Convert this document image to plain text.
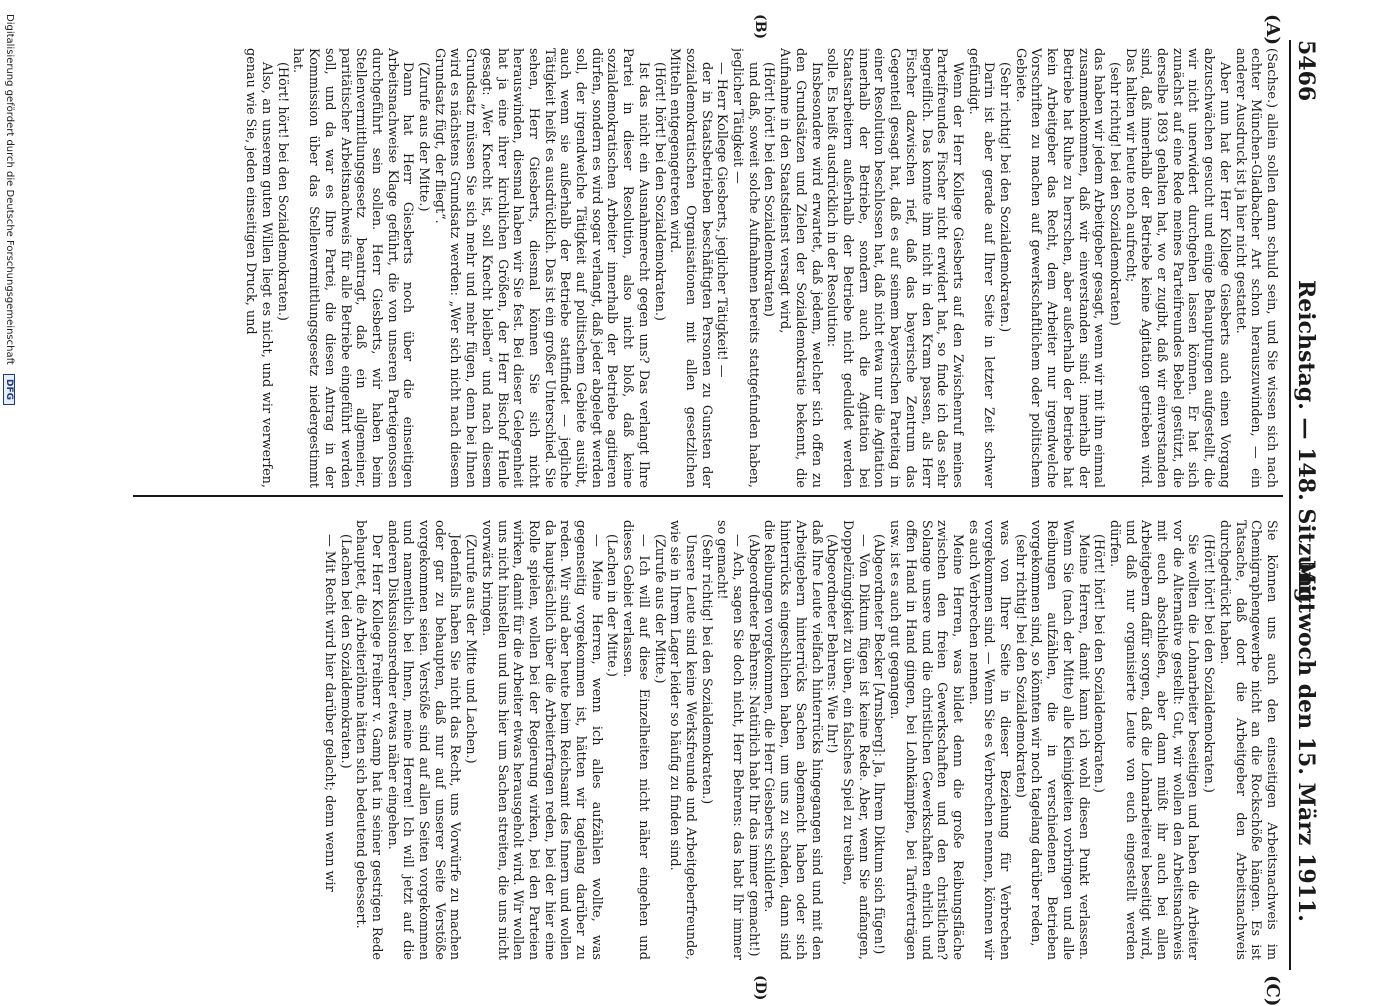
5466
Reichstag. — 148. Sitzung.
Mittwoch den 15. März 1911.
(A)
(B)
(C)
(D)

(Sachse.) allein sollen dann schuld sein, und Sie wissen sich nach echter München-Gladbacher Art schon herauszuwinden, — ein anderer Ausdruck ist ja hier nicht gestattet.

Aber nun hat der Herr Kollege Giesberts auch einen Vorgang abzuschwächen gesucht und einige Behauptungen aufgestellt, die wir nicht unerwidert durchgehen lassen können. Er hat sich zunächst auf eine Rede meines Parteifreundes Bebel gestützt, die derselbe 1893 gehalten hat, wo er zugibt, daß wir einverstanden sind, daß innerhalb der Betriebe keine Agitation getrieben wird. Das halten wir heute noch aufrecht;

(sehr richtig! bei den Sozialdemokraten)

das haben wir jedem Arbeitgeber gesagt, wenn wir mit ihm einmal zusammenkommen, daß wir einverstanden sind: innerhalb der Betriebe hat Ruhe zu herrschen, aber außerhalb der Betriebe hat kein Arbeitgeber das Recht, dem Arbeiter nur irgendwelche Vorschriften zu machen auf gewerkschaftlichem oder politischem Gebiete.

(Sehr richtig! bei den Sozialdemokraten.)

Darin ist aber gerade auf Ihrer Seite in letzter Zeit schwer gefündigt.

Wenn der Herr Kollege Giesberts auf den Zwischenruf meines Parteifreundes Fischer nicht erwidert hat, so finde ich das sehr begreiflich. Das konnte ihm nicht in den Kram passen, als Herr Fischer dazwischen rief, daß das bayerische Zentrum das Gegenteil gesagt hat, daß es auf seinem bayerischen Parteitag in einer Resolution beschlossen hat, daß nicht etwa nur die Agitation innerhalb der Betriebe, sondern auch die Agitation bei Staatsarbeitern außerhalb der Betriebe nicht geduldet werden solle. Es heißt ausdrücklich in der Resolution:

Insbesondere wird erwartet, daß jedem, welcher sich offen zu den Grundsätzen und Zielen der Sozialdemokratie bekennt, die Aufnahme in den Staatsdienst versagt wird,

(Hört! hört! bei den Sozialdemokraten)

und daß, soweit solche Aufnahmen bereits stattgefunden haben, jeglicher Tätigkeit —

— Herr Kollege Giesberts, jeglicher Tätigkeit! —

der in Staatsbetrieben beschäftigten Personen zu Gunsten der sozialdemokratischen Organisationen mit allen gesetzlichen Mitteln entgegengetreten wird.

(Hört! hört! bei den Sozialdemokraten.)

Ist das nicht ein Ausnahmerecht gegen uns? Das verlangt Ihre Partei in dieser Resolution, also nicht bloß, daß keine sozialdemokratischen Arbeiter innerhalb der Betriebe agitieren dürfen, sondern es wird sogar verlangt, daß jeder abgelegt werden soll, der irgendwelche Tätigkeit auf politischem Gebiete ausübt, auch wenn sie außerhalb der Betriebe stattfindet — jegliche Tätigkeit heißt es ausdrücklich. Das ist ein großer Unterschied. Sie sehen, Herr Giesberts, diesmal können Sie sich nicht herauswinden, diesmal haben wir Sie fest. Bei dieser Gelegenheit hat ja eine ihrer kirchlichen Größen, der Herr Bischof Henle gesagt: „Wer Knecht ist, soll Knecht bleiben“ und nach diesem Grundsatz müssen Sie sich mehr und mehr fügen, denn bei Ihnen wird es nächstens Grundsatz werden: „Wer sich nicht nach diesem Grundsatz fügt, der fliegt“.

(Zurufe aus der Mitte.)

Dann hat Herr Giesberts noch über die einseitigen Arbeitsnachweise Klage geführt, die von unseren Parteigenossen durchgeführt sein sollen. Herr Giesberts, wir haben beim Stellenvermittlungsgesetz beantragt, daß ein allgemeiner, paritätischer Arbeitsnachweis für alle Betriebe eingeführt werden soll, und da war es Ihre Partei, die diesen Antrag in der Kommission über das Stellenvermittlungsgesetz niedergestimmt hat.

(Hört! hört! bei den Sozialdemokraten.)

Also, an unserem guten Willen liegt es nicht, und wir verwerfen, genau wie Sie, jeden einseitigen Druck, und

Sie können uns auch den einseitigen Arbeitsnachweis im Chemigraphengewerbe nicht an die Rockschöße hängen. Es ist Tatsache, daß dort die Arbeitgeber den Arbeitsnachweis durchgedrückt haben.

(Hört! hört! bei den Sozialdemokraten.)

Sie wollten die Lohnarbeiter beseitigen und haben die Arbeiter vor die Alternative gestellt: Gut, wir wollen den Arbeitsnachweis mit euch abschließen, aber dann müßt ihr auch bei allen Arbeitgebern dafür sorgen, daß die Lohnarbeiterei beseitigt wird, und daß nur organisierte Leute von euch eingestellt werden dürfen.

(Hört! hört! bei den Sozialdemokraten.)

Meine Herren, damit kann ich wohl diesen Punkt verlassen. Wenn Sie (nach der Mitte) alle Kleinigkeiten vorbringen und alle Reibungen aufzählen, die in verschiedenen Betrieben vorgekommen sind, so könnten wir noch tagelang darüber reden,

(sehr richtig! bei den Sozialdemokraten)

was von Ihrer Seite in dieser Beziehung für Verbrechen vorgekommen sind. — Wenn Sie es Verbrechen nennen, können wir es auch Verbrechen nennen.

Meine Herren, was bildet denn die große Reibungsfläche zwischen den freien Gewerkschaften und den christlichen? Solange unsere und die christlichen Gewerkschaften ehrlich und offen Hand in Hand gingen, bei Lohnkämpfen, bei Tarifverträgen usw. ist es auch gut gegangen.

(Abgeordneter Becker [Arnsberg]: Ja, Ihrem Diktum sich fügen!)

— Von Diktum fügen ist keine Rede. Aber, wenn Sie anfangen, Doppelzüngigkeit zu üben, ein falsches Spiel zu treiben,

(Abgeordneter Behrens: Wie Ihr!)

daß Ihre Leute vielfach hinterrücks hingegangen sind und mit den Arbeitgebern hinterrücks Sachen abgemacht haben oder sich hinterrücks eingeschlichen haben, um uns zu schaden, dann sind die Reibungen vorgekommen, die Herr Giesberts schilderte.

(Abgeordneter Behrens: Natürlich habt Ihr das immer gemacht!)

— Ach, sagen Sie doch nicht, Herr Behrens: das habt Ihr immer so gemacht!

(Sehr richtig! bei den Sozialdemokraten.)

Unsere Leute sind keine Werksfreunde und Arbeitgeberfreunde, wie sie in Ihrem Lager leider so häufig zu finden sind.

(Zurufe aus der Mitte.)

— Ich will auf diese Einzelheiten nicht näher eingehen und dieses Gebiet verlassen.

(Lachen in der Mitte.)

— Meine Herren, wenn ich alles aufzählen wollte, was gegenseitig vorgekommen ist, hätten wir tagelang darüber zu reden. Wir sind aber heute beim Reichsamt des Innern und wollen da hauptsächlich über die Arbeiterfragen reden, bei der hier eine Rolle spielen, wollen bei der Regierung wirken, bei den Parteien wirken, damit für die Arbeiter etwas herausgeholt wird. Wir wollen uns nicht hinstellen und uns hier um Sachen streiten, die uns nicht vorwärts bringen.

(Zurufe aus der Mitte und Lachen.)

Jedenfalls haben Sie nicht das Recht, uns Vorwürfe zu machen oder gar zu behaupten, daß nur auf unserer Seite Verstöße vorgekommen seien. Verstöße sind auf allen Seiten vorgekommen und namentlich bei Ihnen, meine Herren! Ich will jetzt auf die anderen Diskussionsredner etwas näher eingehen.

Der Herr Kollege Freiherr v. Gamp hat in seiner gestrigen Rede behauptet, die Arbeiterlöhne hätten sich bedeutend gebessert.

(Lachen bei den Sozialdemokraten.)

— Mit Recht wird hier darüber gelacht; denn wenn wir

Digitalisierung gefördert durch die Deutsche Forschungsgemeinschaft DFG
